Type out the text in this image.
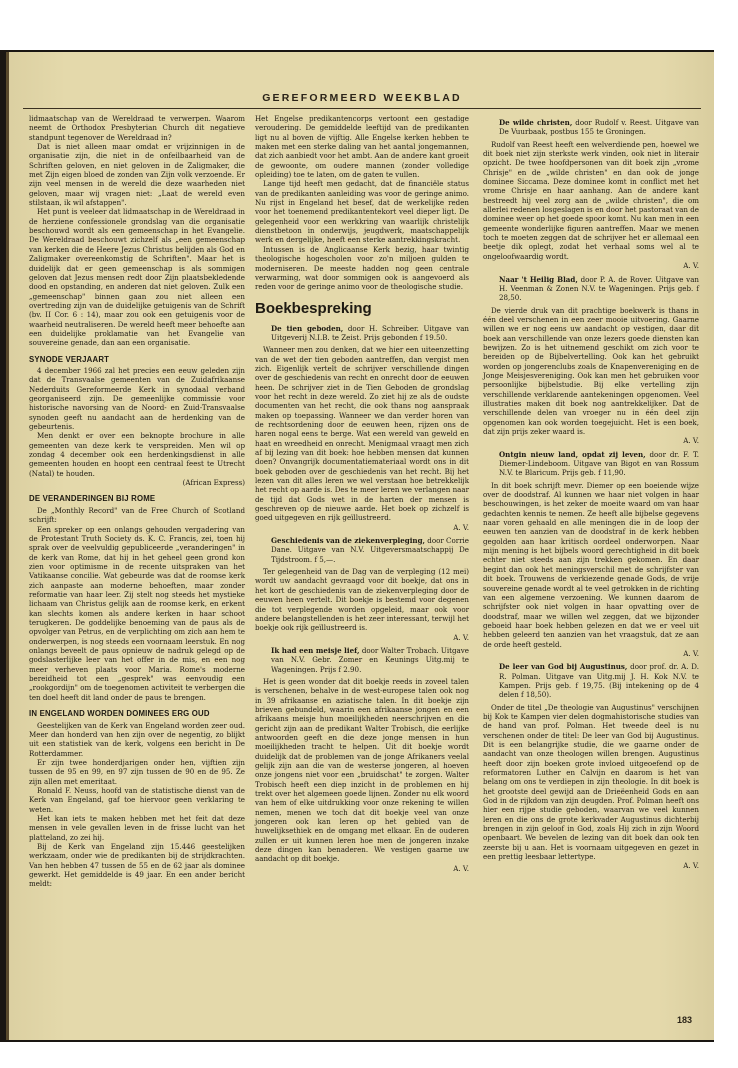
GEREFORMEERD WEEKBLAD

lidmaatschap van de Wereldraad te verwerpen. Waarom neemt de Orthodox Presbyterian Church dit negatieve standpunt tegenover de Wereldraad in?

Dat is niet alleen maar omdat er vrijzinnigen in de organisatie zijn, die niet in de onfeilbaarheid van de Schriften geloven, en niet geloven in de Zaligmaker, die met Zijn eigen bloed de zonden van Zijn volk verzoende. Er zijn veel mensen in de wereld die deze waarheden niet geloven, maar wij vragen niet: „Laat de wereld even stilstaan, ik wil afstappen".

Het punt is veeleer dat lidmaatschap in de Wereldraad in de herziene confessionele grondslag van die organisatie beschouwd wordt als een gemeenschap in het Evangelie. De Wereldraad beschouwt zichzelf als „een gemeenschap van kerken die de Heere Jezus Christus belijden als God en Zaligmaker overeenkomstig de Schriften". Maar het is duidelijk dat er geen gemeenschap is als sommigen geloven dat Jezus mensen redt door Zijn plaatsbekledende dood en opstanding, en anderen dat niet geloven. Zulk een „gemeenschap" binnen gaan zou niet alleen een overtreding zijn van de duidelijke getuigenis van de Schrift (bv. II Cor. 6 : 14), maar zou ook een getuigenis voor de waarheid neutraliseren. De wereld heeft meer behoefte aan een duidelijke proklamatie van het Evangelie van souvereine genade, dan aan een organisatie.

SYNODE VERJAART

4 december 1966 zal het precies een eeuw geleden zijn dat de Transvaalse gemeenten van de Zuidafrikaanse Nederduits Gereformeerde Kerk in synodaal verband georganiseerd zijn. De gemeenlijke commissie voor historische navorsing van de Noord- en Zuid-Transvaalse synoden geeft nu aandacht aan de herdenking van de gebeurtenis.

Men denkt er over een beknopte brochure in alle gemeenten van deze kerk te verspreiden. Men wil op zondag 4 december ook een herdenkingsdienst in alle gemeenten houden en hoopt een centraal feest te Utrecht (Natal) te houden.

(African Express)

DE VERANDERINGEN BIJ ROME

De „Monthly Record" van de Free Church of Scotland schrijft:

Een spreker op een onlangs gehouden vergadering van de Protestant Truth Society ds. K. C. Francis, zei, toen hij sprak over de veelvuldig gepubliceerde „veranderingen" in de kerk van Rome, dat hij in het geheel geen grond kon zien voor optimisme in de recente uitspraken van het Vatikaanse concilie. Wat gebeurde was dat de roomse kerk zich aanpaste aan moderne behoeften, maar zonder reformatie van haar leer. Zij stelt nog steeds het mystieke lichaam van Christus gelijk aan de roomse kerk, en erkent kan slechts komen als andere kerken in haar schoot terugkeren. De goddelijke benoeming van de paus als de opvolger van Petrus, en de verplichting om zich aan hem te onderwerpen, is nog steeds een voornaam leerstuk. En nog onlangs beveelt de paus opnieuw de nadruk gelegd op de godslasterlijke leer van het offer in de mis, en een nog meer verheven plaats voor Maria. Rome's moderne bereidheid tot een „gesprek" was eenvoudig een „rookgordijn" om de toegenomen activiteit te verbergen die ten doel heeft dit land onder de paus te brengen.

IN ENGELAND WORDEN DOMINEES ERG OUD

Geestelijken van de Kerk van Engeland worden zeer oud. Meer dan honderd van hen zijn over de negentig, zo blijkt uit een statistiek van de kerk, volgens een bericht in De Rotterdammer.

Er zijn twee honderdjarigen onder hen, vijftien zijn tussen de 95 en 99, en 97 zijn tussen de 90 en de 95. Ze zijn allen met emeritaat.

Ronald F. Neuss, hoofd van de statistische dienst van de Kerk van Engeland, gaf toe hiervoor geen verklaring te weten.

Het kan iets te maken hebben met het feit dat deze mensen in vele gevallen leven in de frisse lucht van het platteland, zo zei hij.

Bij de Kerk van Engeland zijn 15.446 geestelijken werkzaam, onder wie de predikanten bij de strijdkrachten. Van hen hebben 47 tussen de 55 en de 62 jaar als dominee gewerkt. Het gemiddelde is 49 jaar. En een ander bericht meldt:

Het Engelse predikantencorps vertoont een gestadige veroudering. De gemiddelde leeftijd van de predikanten ligt nu al boven de vijftig. Alle Engelse kerken hebben te maken met een sterke daling van het aantal jongemannen, dat zich aanbiedt voor het ambt. Aan de andere kant groeit de gewoonte, om oudere mannen (zonder volledige opleiding) toe te laten, om de gaten te vullen.

Lange tijd heeft men gedacht, dat de financiële status van de predikanten aanleiding was voor de geringe animo. Nu rijst in Engeland het besef, dat de werkelijke reden voor het toenemend predikantentekort veel dieper ligt. De gelegenheid voor een werkkring van waarlijk christelijk dienstbetoon in onderwijs, jeugdwerk, maatschappelijk werk en dergelijke, heeft een sterke aantrekkingskracht.

Intussen is de Anglicaanse Kerk bezig, haar twintig theologische hogescholen voor zo'n miljoen gulden te moderniseren. De meeste hadden nog geen centrale verwarming, wat door sommigen ook is aangevoerd als reden voor de geringe animo voor de theologische studie.

Boekbespreking

De tien geboden, door H. Schreiber. Uitgave van Uitgeverij N.I.B. te Zeist. Prijs gebonden f 19.50.

Wanneer men zou denken, dat we hier een uiteenzetting van de wet der tien geboden aantreffen, dan vergist men zich. Eigenlijk vertelt de schrijver verschillende dingen over de geschiedenis van recht en onrecht door de eeuwen heen. De schrijver ziet in de Tien Geboden de grondslag voor het recht in deze wereld. Zo ziet hij ze als de oudste documenten van het recht, die ook thans nog aanspraak maken op toepassing. Wanneer we dan verder horen van de rechtsordening door de eeuwen heen, rijzen ons de haren nogal eens te berge. Wat een wereld van geweld en haat en wreedheid en onrecht. Menigmaal vraagt men zich af bij lezing van dit boek: hoe hebben mensen dat kunnen doen? Onvangrijk documentatiemateriaal wordt ons in dit boek geboden over de geschiedenis van het recht. Bij het lezen van dit alles leren we wel verstaan hoe betrekkelijk het recht op aarde is. Des te meer leren we verlangen naar de tijd dat Gods wet in de harten der mensen is geschreven op de nieuwe aarde. Het boek op zichzelf is goed uitgegeven en rijk geïllustreerd.

A. V.

Geschiedenis van de ziekenverpleging, door Corrie Dane. Uitgave van N.V. Uitgeversmaatschappij De Tijdstroom. f 5,—.

Ter gelegenheid van de Dag van de verpleging (12 mei) wordt uw aandacht gevraagd voor dit boekje, dat ons in het kort de geschiedenis van de ziekenverpleging door de eeuwen heen vertelt. Dit boekje is bestemd voor degenen die tot verplegende worden opgeleid, maar ook voor andere belangstellenden is het zeer interessant, terwijl het boekje ook rijk geïllustreerd is.

A. V.

Ik had een meisje lief, door Walter Trobach. Uitgave van N.V. Gebr. Zomer en Keunings Uitg.mij te Wageningen. Prijs f 2.90.

Het is geen wonder dat dit boekje reeds in zoveel talen is verschenen, behalve in de west-europese talen ook nog in 39 afrikaanse en aziatische talen. In dit boekje zijn brieven gebundeld, waarin een afrikaanse jongen en een afrikaans meisje hun moeilijkheden neerschrijven en die gericht zijn aan de predikant Walter Trobisch, die eerlijke antwoorden geeft en die deze jonge mensen in hun moeilijkheden tracht te helpen. Uit dit boekje wordt duidelijk dat de problemen van de jonge Afrikaners veelal gelijk zijn aan die van de westerse jongeren, al hoeven onze jongens niet voor een „bruidschat" te zorgen. Walter Trobisch heeft een diep inzicht in de problemen en hij trekt over het algemeen goede lijnen. Zonder nu elk woord van hem of elke uitdrukking voor onze rekening te willen nemen, menen we toch dat dit boekje veel van onze jongeren ook kan leren op het gebied van de huwelijksethiek en de omgang met elkaar. En de ouderen zullen er uit kunnen leren hoe men de jongeren inzake deze dingen kan benaderen. We vestigen gaarne uw aandacht op dit boekje.

A. V.

De wilde christen, door Rudolf v. Reest. Uitgave van De Vuurbaak, postbus 155 te Groningen.

Rudolf van Reest heeft een welverdiende pen, hoewel we dit boek niet zijn sterkste werk vinden, ook niet in literair opzicht. De twee hoofdpersonen van dit boek zijn „vrome Chrisje" en de „wilde christen" en dan ook de jonge dominee Siccama. Deze dominee komt in conflict met het vrome Chrisje en haar aanhang. Aan de andere kant bestreedt hij veel zorg aan de „wilde christen", die om allerlei redenen losgeslagen is en door het pastoraat van de dominee weer op het goede spoor komt. Nu kan men in een gemeente wonderlijke figuren aantreffen. Maar we menen toch te moeten zeggen dat de schrijver het er allemaal een beetje dik oplegt, zodat het verhaal soms wel al te ongeloofwaardig wordt.

A. V.

Naar 't Heilig Blad, door P. A. de Rover. Uitgave van H. Veenman & Zonen N.V. te Wageningen. Prijs geb. f 28,50.

De vierde druk van dit prachtige boekwerk is thans in één deel verschenen in een zeer mooie uitvoering. Gaarne willen we er nog eens uw aandacht op vestigen, daar dit boek aan verschillende van onze lezers goede diensten kan bewijzen. Zo is het uitnemend geschikt om zich voor te bereiden op de Bijbelvertelling. Ook kan het gebruikt worden op jongerenclubs zoals de Knapenvereniging en de Jonge Meisjesvereniging. Ook kan men het gebruiken voor persoonlijke bijbelstudie. Bij elke vertelling zijn verschillende verklarende aantekeningen opgenomen. Veel illustraties maken dit boek nog aantrekkelijker. Dat de verschillende delen van vroeger nu in één deel zijn opgenomen kan ook worden toegejuicht. Het is een boek, dat zijn prijs zeker waard is.

A. V.

Ontgin nieuw land, opdat zij leven, door dr. F. T. Diemer-Lindeboom. Uitgave van Bigot en van Rossum N.V. te Blaricum. Prijs geb. f 11,90.

In dit boek schrijft mevr. Diemer op een boeiende wijze over de doodstraf. Al kunnen we haar niet volgen in haar beschouwingen, is het zeker de moeite waard om van haar gedachten kennis te nemen. Ze heeft alle bijbelse gegevens naar voren gehaald en alle meningen die in de loop der eeuwen ten aanzien van de doodstraf in de kerk hebben gegolden aan haar kritisch oordeel onderworpen. Naar mijn mening is het bijbels woord gerechtigheid in dit boek echter niet steeds aan zijn trekken gekomen. En daar begint dan ook het meningsverschil met de schrijfster van dit boek. Trouwens de verkiezende genade Gods, de vrije souvereine genade wordt al te veel getrokken in de richting van een algemene verzoening. We kunnen daarom de schrijfster ook niet volgen in haar opvatting over de doodstraf, maar we willen wel zeggen, dat we bijzonder geboeid haar boek hebben gelezen en dat we er veel uit hebben geleerd ten aanzien van het vraagstuk, dat ze aan de orde heeft gesteld.

A. V.

De leer van God bij Augustinus, door prof. dr. A. D. R. Polman. Uitgave van Uitg.mij J. H. Kok N.V. te Kampen. Prijs geb. f 19,75. (Bij intekening op de 4 delen f 18,50).

Onder de titel „De theologie van Augustinus" verschijnen bij Kok te Kampen vier delen dogmahistorische studies van de hand van prof. Polman. Het tweede deel is nu verschenen onder de titel: De leer van God bij Augustinus. Dit is een belangrijke studie, die we gaarne onder de aandacht van onze theologen willen brengen. Augustinus heeft door zijn boeken grote invloed uitgeoefend op de reformatoren Luther en Calvijn en daarom is het van belang om ons te verdiepen in zijn theologie. In dit boek is het grootste deel gewijd aan de Drieëenheid Gods en aan God in de rijkdom van zijn deugden. Prof. Polman heeft ons hier een rijpe studie geboden, waarvan we veel kunnen leren en die ons de grote kerkvader Augustinus dichterbij brengen in zijn geloof in God, zoals Hij zich in zijn Woord openbaart. We bevelen de lezing van dit boek dan ook ten zeerste bij u aan. Het is voornaam uitgegeven en gezet in een prettig leesbaar lettertype.

A. V.

183
